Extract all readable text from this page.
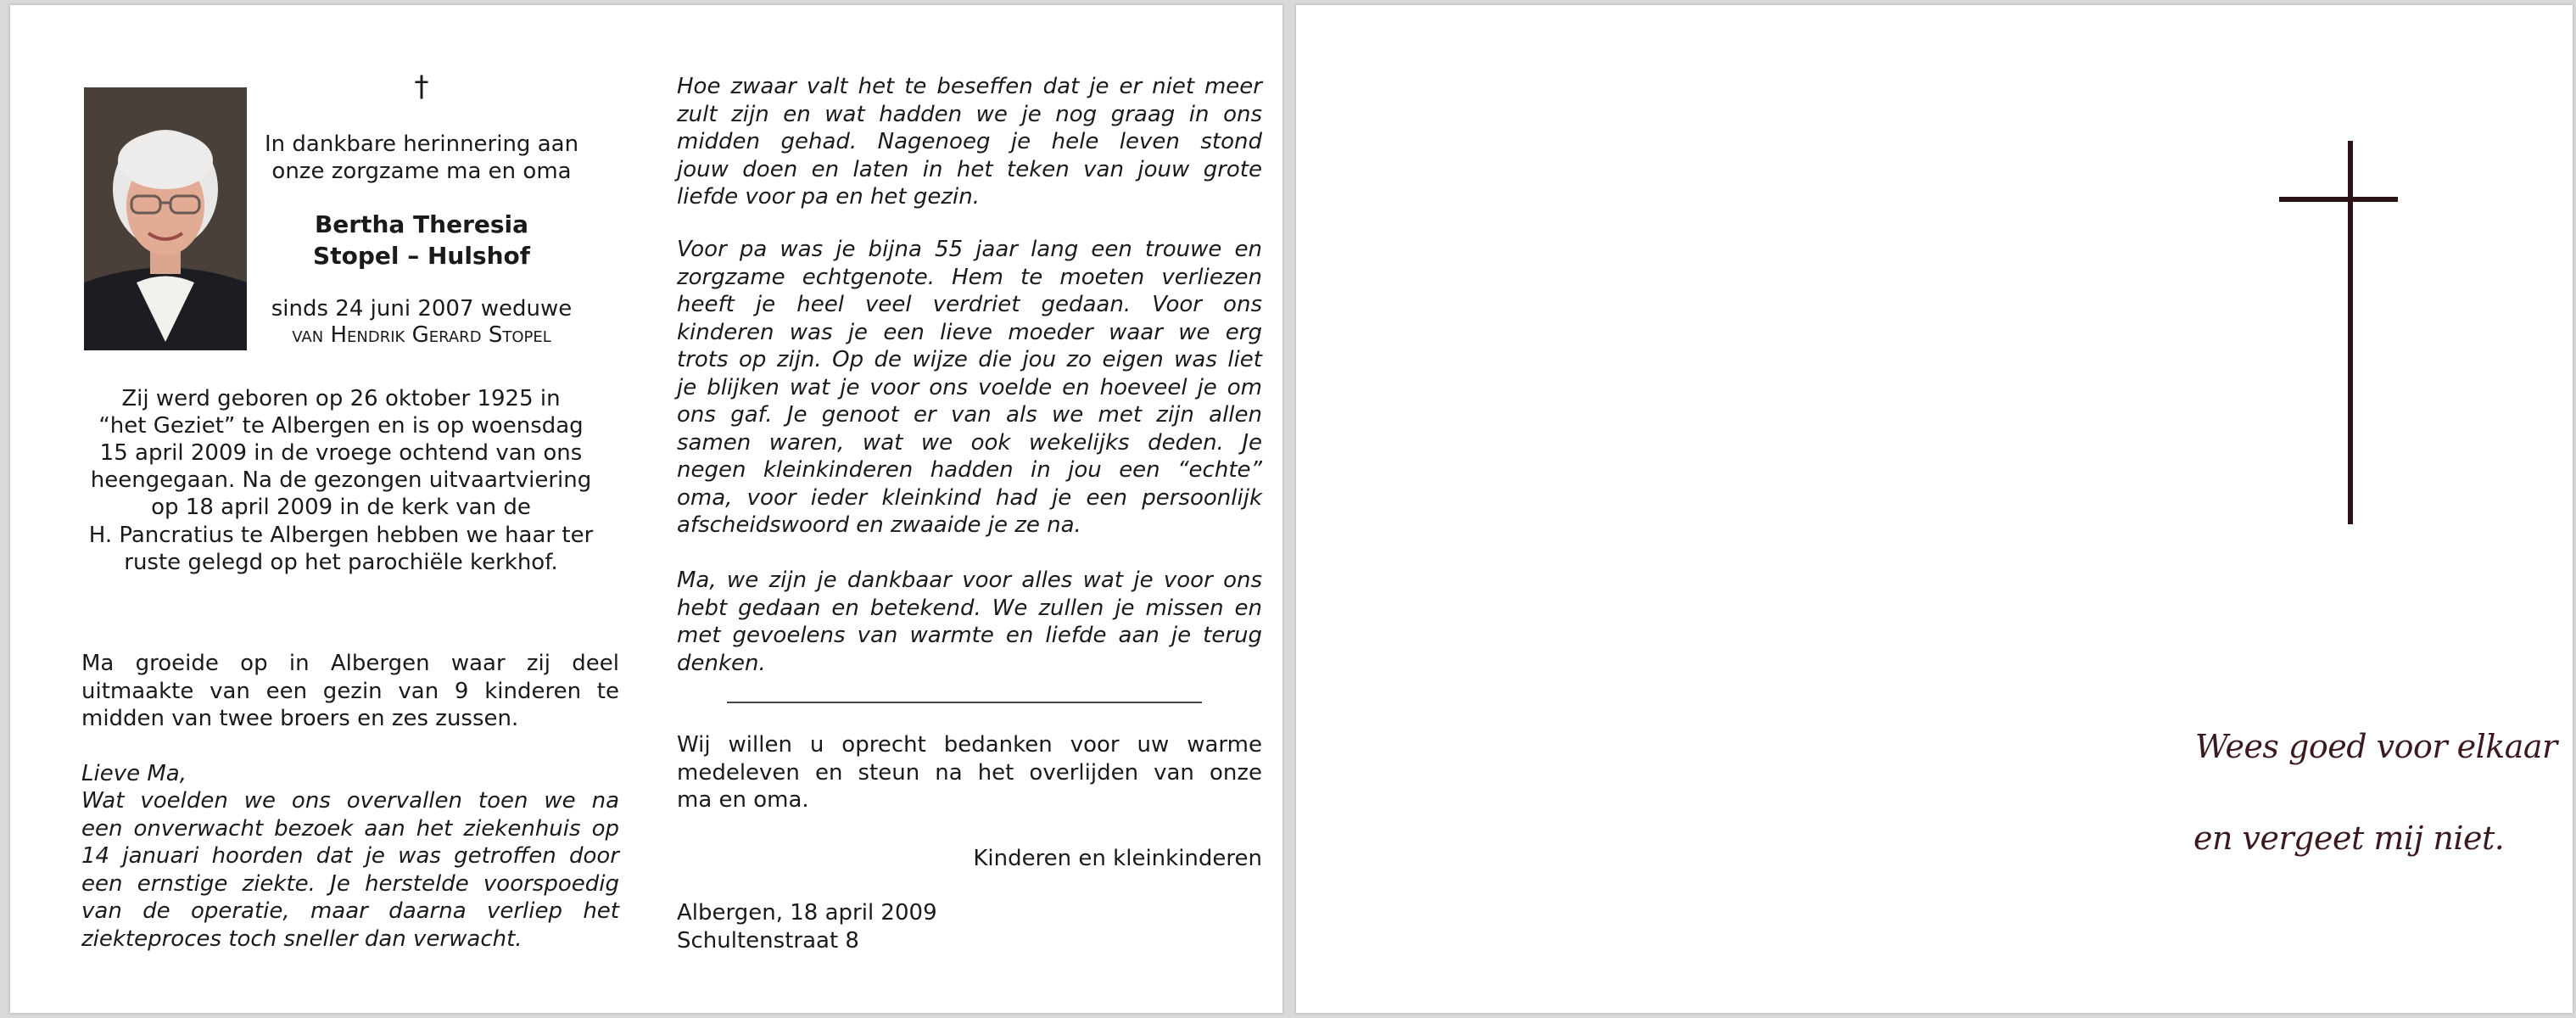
†
In dankbare herinnering aan
onze zorgzame ma en oma
Bertha Theresia
Stopel – Hulshof
sinds 24 juni 2007 weduwe
van Hendrik Gerard Stopel
Zij werd geboren op 26 oktober 1925 in
“het Geziet” te Albergen en is op woensdag
15 april 2009 in de vroege ochtend van ons
heengegaan. Na de gezongen uitvaartviering
op 18 april 2009 in de kerk van de
H. Pancratius te Albergen hebben we haar ter
ruste gelegd op het parochiële kerkhof.
Ma groeide op in Albergen waar zij deel
uitmaakte van een gezin van 9 kinderen te
midden van twee broers en zes zussen.
Lieve Ma,
Wat voelden we ons overvallen toen we na
een onverwacht bezoek aan het ziekenhuis op
14 januari hoorden dat je was getroffen door
een ernstige ziekte. Je herstelde voorspoedig
van de operatie, maar daarna verliep het
ziekteproces toch sneller dan verwacht.
Hoe zwaar valt het te beseffen dat je er niet meer
zult zijn en wat hadden we je nog graag in ons
midden gehad. Nagenoeg je hele leven stond
jouw doen en laten in het teken van jouw grote
liefde voor pa en het gezin.
Voor pa was je bijna 55 jaar lang een trouwe en
zorgzame echtgenote. Hem te moeten verliezen
heeft je heel veel verdriet gedaan. Voor ons
kinderen was je een lieve moeder waar we erg
trots op zijn. Op de wijze die jou zo eigen was liet
je blijken wat je voor ons voelde en hoeveel je om
ons gaf. Je genoot er van als we met zijn allen
samen waren, wat we ook wekelijks deden. Je
negen kleinkinderen hadden in jou een “echte”
oma, voor ieder kleinkind had je een persoonlijk
afscheidswoord en zwaaide je ze na.
Ma, we zijn je dankbaar voor alles wat je voor ons
hebt gedaan en betekend. We zullen je missen en
met gevoelens van warmte en liefde aan je terug
denken.
Wij willen u oprecht bedanken voor uw warme
medeleven en steun na het overlijden van onze
ma en oma.
Kinderen en kleinkinderen
Albergen, 18 april 2009
Schultenstraat 8
Wees goed voor elkaar
en vergeet mij niet.
